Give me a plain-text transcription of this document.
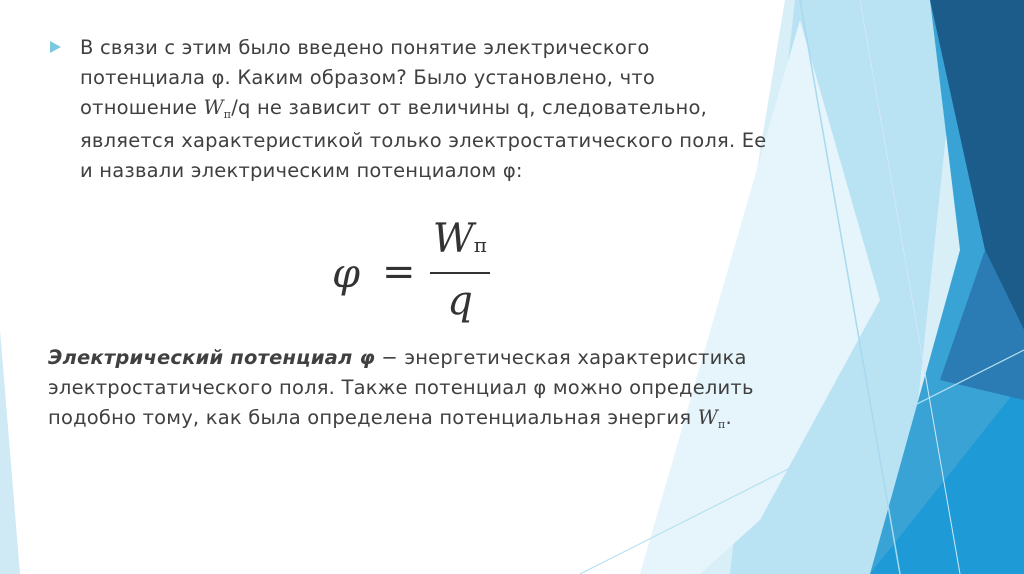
В связи с этим было введено понятие электрического потенциала φ. Каким образом? Было установлено, что отношение $W_п/q$ не зависит от величины q, следовательно, является характеристикой только электростатического поля. Ее и назвали электрическим потенциалом φ:
φ =
Wп
q
Электрический потенциал φ − энергетическая характеристика электростатического поля. Также потенциал φ можно определить подобно тому, как была определена потенциальная энергия $W_п$.
